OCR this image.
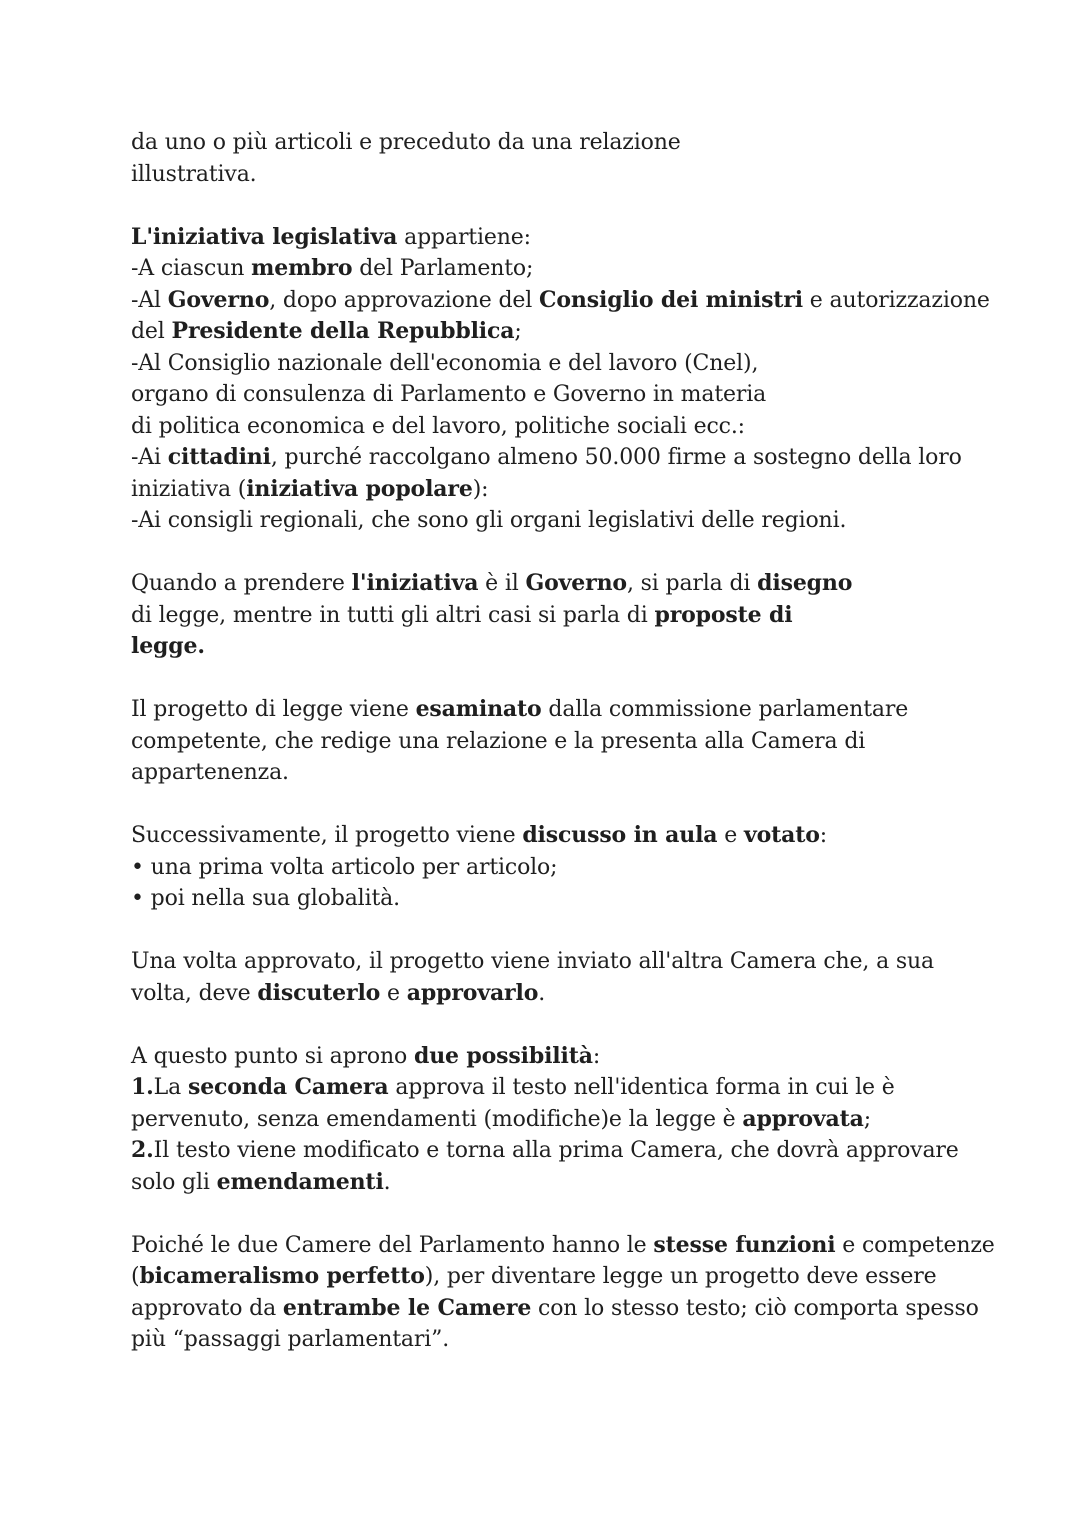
da uno o più articoli e preceduto da una relazione
illustrativa.
L'iniziativa legislativa appartiene:
-A ciascun membro del Parlamento;
-Al Governo, dopo approvazione del Consiglio dei ministri e autorizzazione
del Presidente della Repubblica;
-Al Consiglio nazionale dell'economia e del lavoro (Cnel),
organo di consulenza di Parlamento e Governo in materia
di politica economica e del lavoro, politiche sociali ecc.:
-Ai cittadini, purché raccolgano almeno 50.000 firme a sostegno della loro
iniziativa (iniziativa popolare):
-Ai consigli regionali, che sono gli organi legislativi delle regioni.
Quando a prendere l'iniziativa è il Governo, si parla di disegno
di legge, mentre in tutti gli altri casi si parla di proposte di
legge.
Il progetto di legge viene esaminato dalla commissione parlamentare
competente, che redige una relazione e la presenta alla Camera di
appartenenza.
Successivamente, il progetto viene discusso in aula e votato:
• una prima volta articolo per articolo;
• poi nella sua globalità.
Una volta approvato, il progetto viene inviato all'altra Camera che, a sua
volta, deve discuterlo e approvarlo.
A questo punto si aprono due possibilità:
1.La seconda Camera approva il testo nell'identica forma in cui le è
pervenuto, senza emendamenti (modifiche)e la legge è approvata;
2.Il testo viene modificato e torna alla prima Camera, che dovrà approvare
solo gli emendamenti.
Poiché le due Camere del Parlamento hanno le stesse funzioni e competenze
(bicameralismo perfetto), per diventare legge un progetto deve essere
approvato da entrambe le Camere con lo stesso testo; ciò comporta spesso
più “passaggi parlamentari”.
